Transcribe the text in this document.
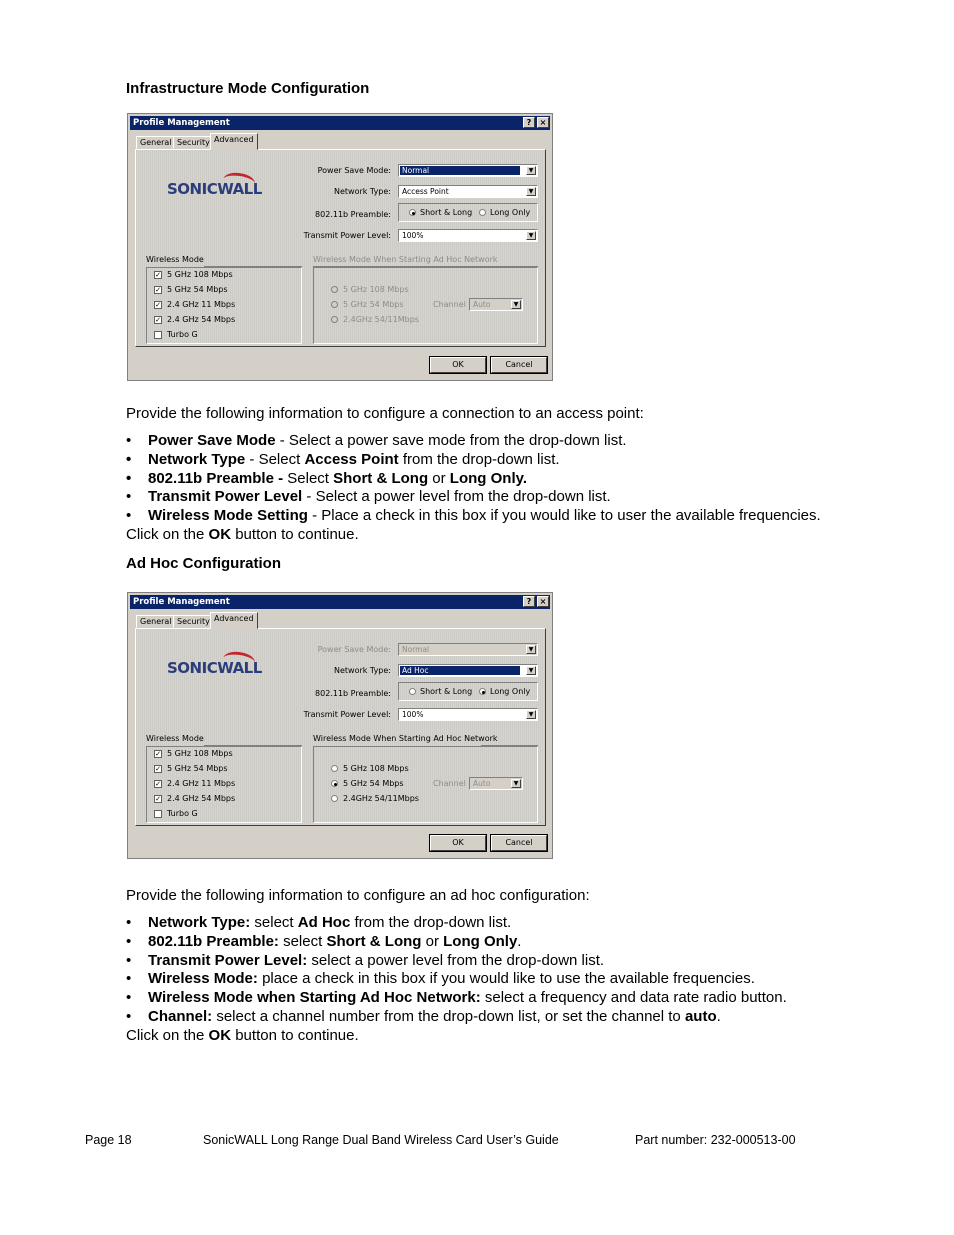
Infrastructure Mode Configuration
Profile Management	?	×
General Security Advanced
SONICWALL
Power Save Mode: Normal	▼
Network Type: Access Point	▼
802.11b Preamble:	Short & Long Long Only
Transmit Power Level: 100%	▼
Wireless Mode	Wireless Mode When Starting Ad Hoc Network
✓ 5 GHz 108 Mbps
✓ 5 GHz 54 Mbps
✓ 2.4 GHz 11 Mbps
✓ 2.4 GHz 54 Mbps
Turbo G
5 GHz 108 Mbps
5 GHz 54 Mbps
2.4GHz 54/11Mbps
Channel Auto	▼
OK	Cancel
Provide the following information to configure a connection to an access point:
•	Power Save Mode - Select a power save mode from the drop-down list.
•	Network Type - Select Access Point from the drop-down list.
•	802.11b Preamble - Select Short & Long or Long Only.
•	Transmit Power Level - Select a power level from the drop-down list.
•	Wireless Mode Setting - Place a check in this box if you would like to user the available frequencies.
Click on the OK button to continue.
Ad Hoc Configuration
Profile Management	?	×
General Security Advanced
SONICWALL
Power Save Mode: Normal	▼
Network Type: Ad Hoc	▼
802.11b Preamble:	Short & Long Long Only
Transmit Power Level: 100%	▼
Wireless Mode	Wireless Mode When Starting Ad Hoc Network
✓ 5 GHz 108 Mbps
✓ 5 GHz 54 Mbps
✓ 2.4 GHz 11 Mbps
✓ 2.4 GHz 54 Mbps
Turbo G
5 GHz 108 Mbps
5 GHz 54 Mbps
2.4GHz 54/11Mbps
Channel Auto	▼
OK	Cancel
Provide the following information to configure an ad hoc configuration:
•	Network Type: select Ad Hoc from the drop-down list.
•	802.11b Preamble: select Short & Long or Long Only.
•	Transmit Power Level: select a power level from the drop-down list.
•	Wireless Mode: place a check in this box if you would like to use the available frequencies.
•	Wireless Mode when Starting Ad Hoc Network: select a frequency and data rate radio button.
•	Channel: select a channel number from the drop-down list, or set the channel to auto.
Click on the OK button to continue.
Page 18	SonicWALL Long Range Dual Band Wireless Card User’s Guide	Part number: 232-000513-00
